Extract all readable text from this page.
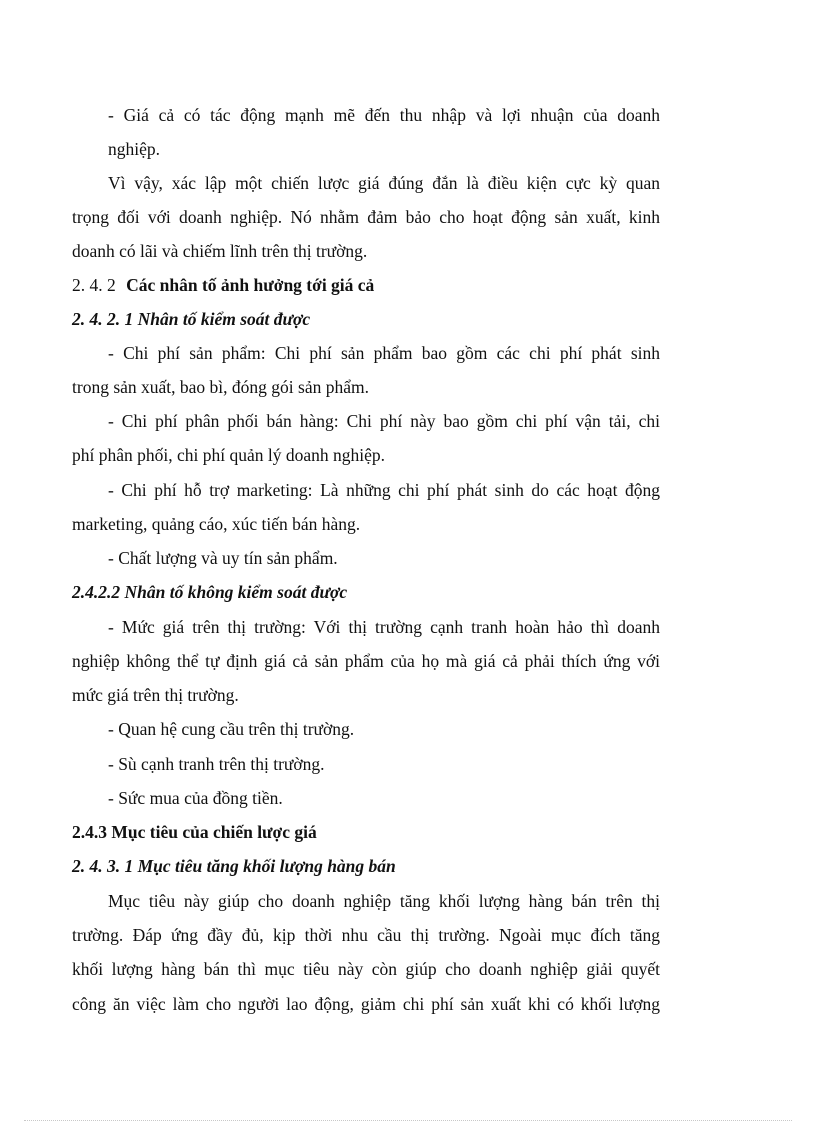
- Giá cả có tác động mạnh mẽ đến thu nhập và lợi nhuận của doanh

nghiệp.

Vì vậy, xác lập một chiến lược giá đúng đắn là điều kiện cực kỳ quan

trọng đối với doanh nghiệp. Nó nhằm đảm bảo cho hoạt động sản xuất, kinh

doanh có lãi và chiếm lĩnh trên thị trường.

2. 4. 2 Các nhân tố ảnh hưởng tới giá cả

2. 4. 2. 1 Nhân tố kiểm soát được

- Chi phí sản phẩm: Chi phí sản phẩm bao gồm các chi phí phát sinh

trong sản xuất, bao bì, đóng gói sản phẩm.

- Chi phí phân phối bán hàng: Chi phí này bao gồm chi phí vận tải, chi

phí phân phối, chi phí quản lý doanh nghiệp.

- Chi phí hỗ trợ marketing: Là những chi phí phát sinh do các hoạt động

marketing, quảng cáo, xúc tiến bán hàng.

- Chất lượng và uy tín sản phẩm.

2.4.2.2 Nhân tố không kiểm soát được

- Mức giá trên thị trường: Với thị trường cạnh tranh hoàn hảo thì doanh

nghiệp không thể tự định giá cả sản phẩm của họ mà giá cả phải thích ứng với

mức giá trên thị trường.

- Quan hệ cung cầu trên thị trường.

- Sù cạnh tranh trên thị trường.

- Sức mua của đồng tiền.

2.4.3 Mục tiêu của chiến lược giá

2. 4. 3. 1 Mục tiêu tăng khối lượng hàng bán

Mục tiêu này giúp cho doanh nghiệp tăng khối lượng hàng bán trên thị

trường. Đáp ứng đầy đủ, kịp thời nhu cầu thị trường. Ngoài mục đích tăng

khối lượng hàng bán thì mục tiêu này còn giúp cho doanh nghiệp giải quyết

công ăn việc làm cho người lao động, giảm chi phí sản xuất khi có khối lượng
